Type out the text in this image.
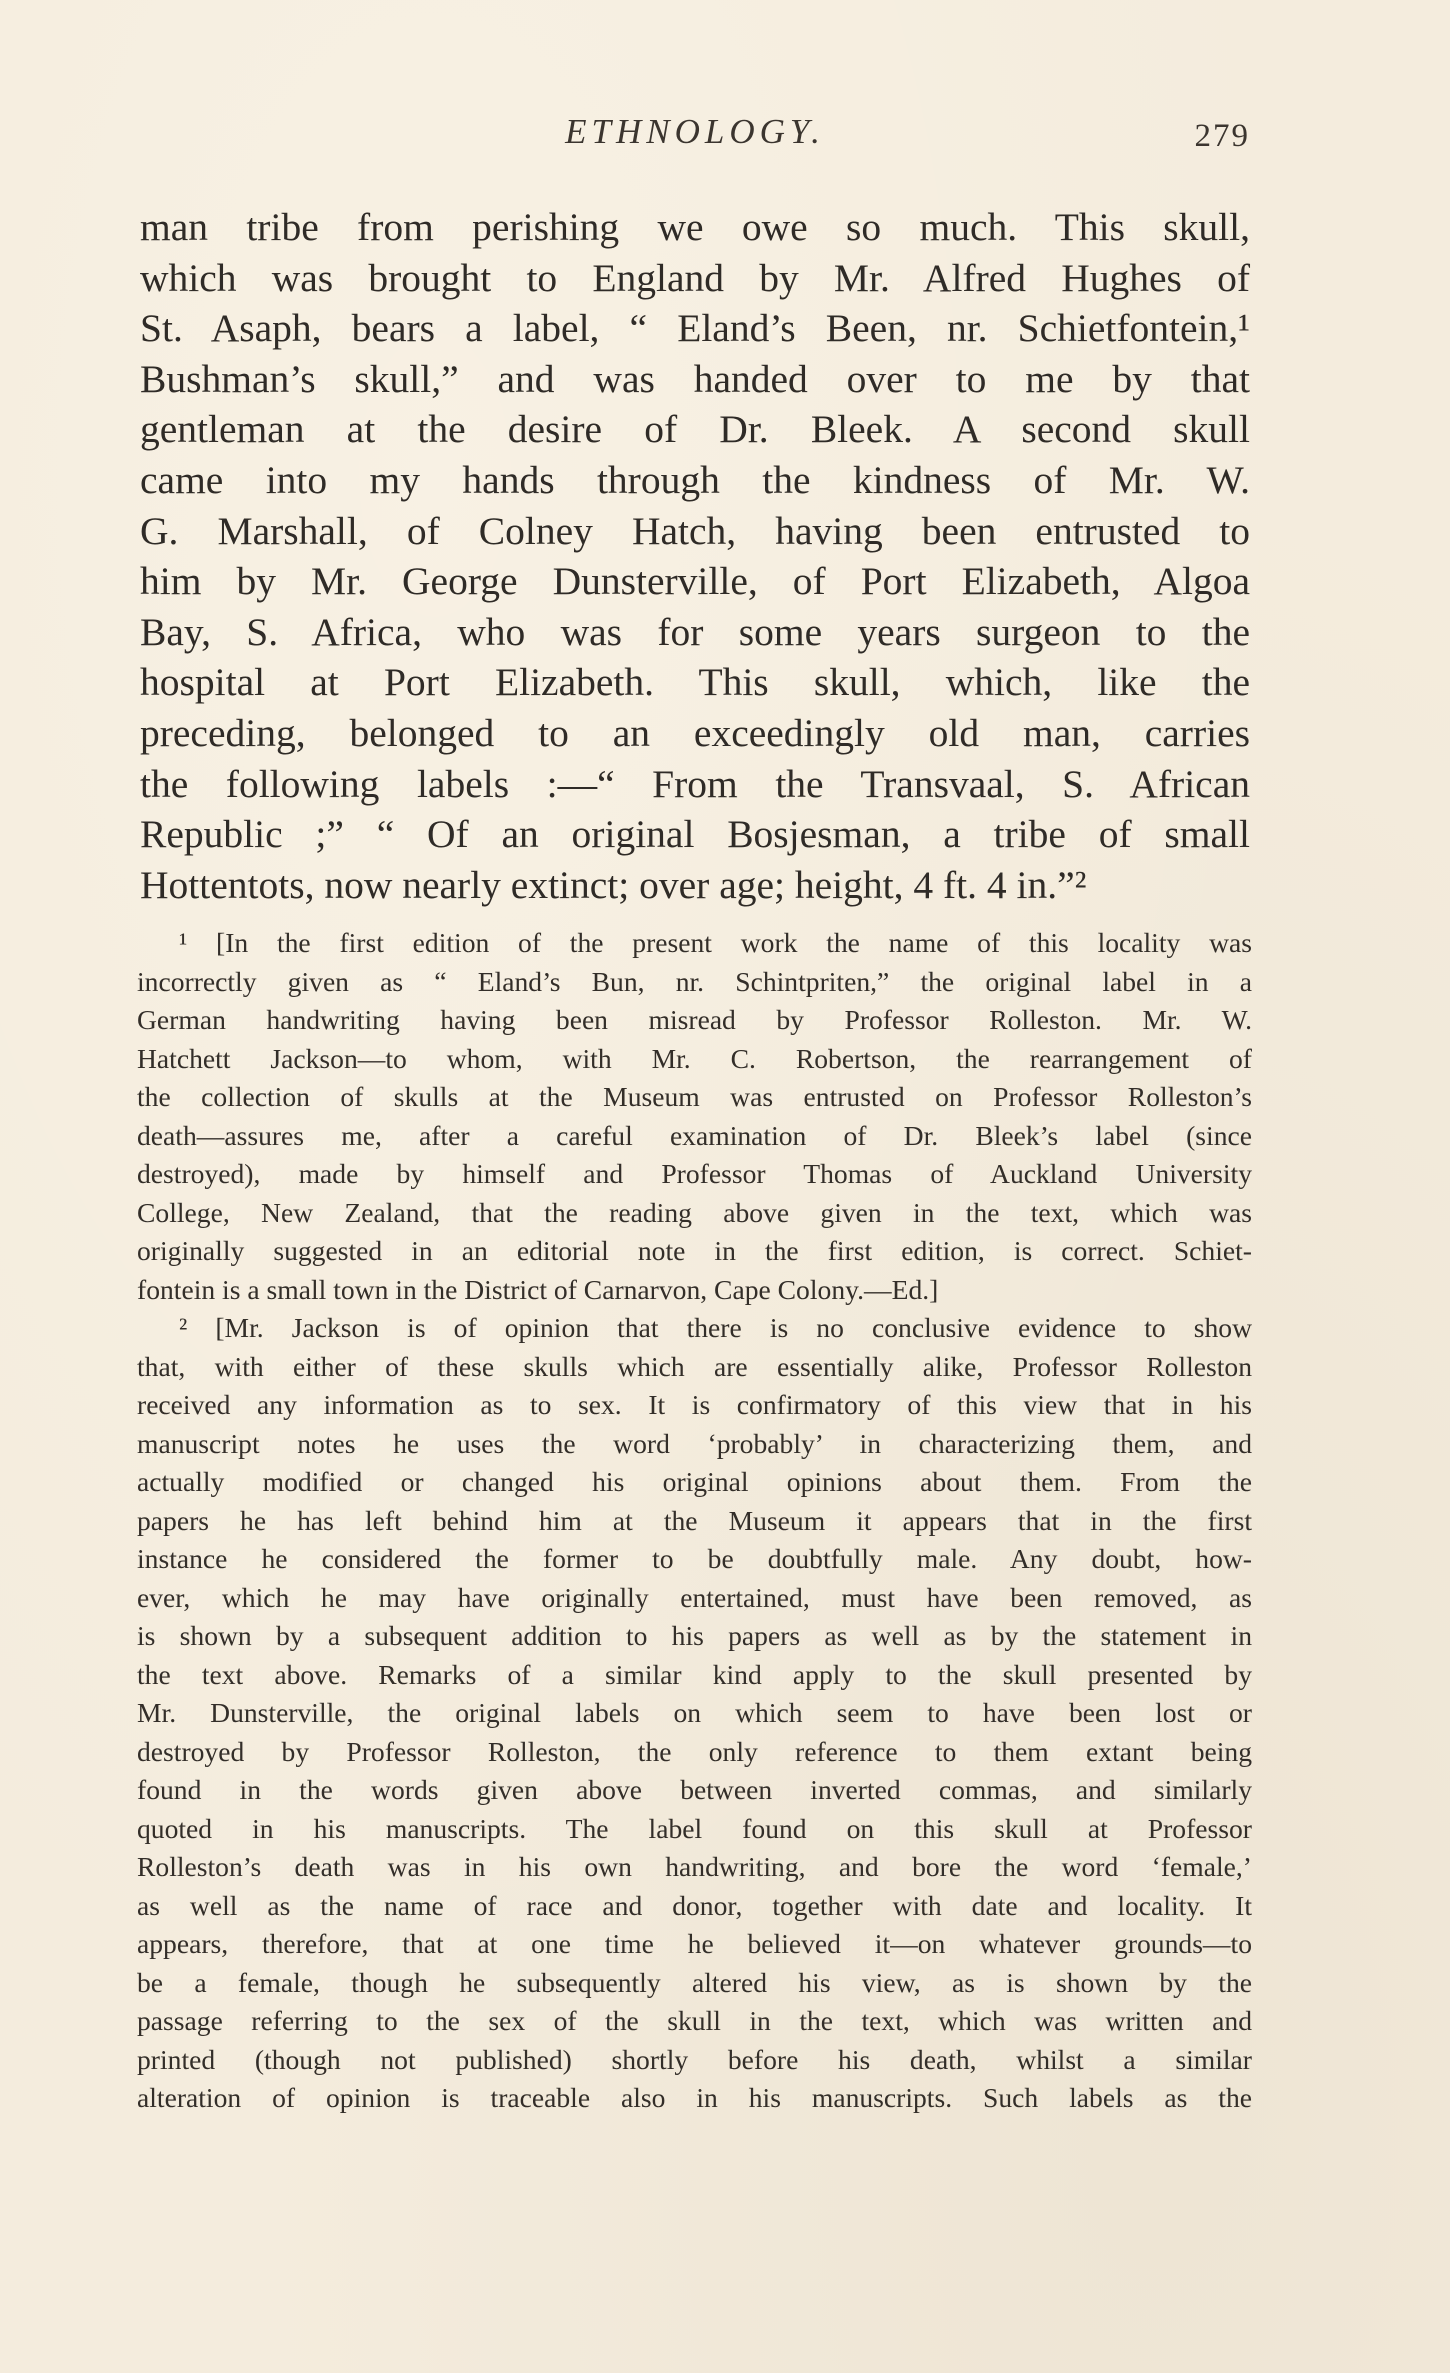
ETHNOLOGY.	279
man tribe from perishing we owe so much. This skull,
which was brought to England by Mr. Alfred Hughes of
St. Asaph, bears a label, “ Eland’s Been, nr. Schietfontein,¹
Bushman’s skull,” and was handed over to me by that
gentleman at the desire of Dr. Bleek. A second skull
came into my hands through the kindness of Mr. W.
G. Marshall, of Colney Hatch, having been entrusted to
him by Mr. George Dunsterville, of Port Elizabeth, Algoa
Bay, S. Africa, who was for some years surgeon to the
hospital at Port Elizabeth. This skull, which, like the
preceding, belonged to an exceedingly old man, carries
the following labels :—“ From the Transvaal, S. African
Republic ;” “ Of an original Bosjesman, a tribe of small
Hottentots, now nearly extinct; over age; height, 4 ft. 4 in.”²
¹ [In the first edition of the present work the name of this locality was
incorrectly given as “ Eland’s Bun, nr. Schintpriten,” the original label in a
German handwriting having been misread by Professor Rolleston. Mr. W.
Hatchett Jackson—to whom, with Mr. C. Robertson, the rearrangement of
the collection of skulls at the Museum was entrusted on Professor Rolleston’s
death—assures me, after a careful examination of Dr. Bleek’s label (since
destroyed), made by himself and Professor Thomas of Auckland University
College, New Zealand, that the reading above given in the text, which was
originally suggested in an editorial note in the first edition, is correct. Schiet-
fontein is a small town in the District of Carnarvon, Cape Colony.—Ed.]
² [Mr. Jackson is of opinion that there is no conclusive evidence to show
that, with either of these skulls which are essentially alike, Professor Rolleston
received any information as to sex. It is confirmatory of this view that in his
manuscript notes he uses the word ‘probably’ in characterizing them, and
actually modified or changed his original opinions about them. From the
papers he has left behind him at the Museum it appears that in the first
instance he considered the former to be doubtfully male. Any doubt, how-
ever, which he may have originally entertained, must have been removed, as
is shown by a subsequent addition to his papers as well as by the statement in
the text above. Remarks of a similar kind apply to the skull presented by
Mr. Dunsterville, the original labels on which seem to have been lost or
destroyed by Professor Rolleston, the only reference to them extant being
found in the words given above between inverted commas, and similarly
quoted in his manuscripts. The label found on this skull at Professor
Rolleston’s death was in his own handwriting, and bore the word ‘female,’
as well as the name of race and donor, together with date and locality. It
appears, therefore, that at one time he believed it—on whatever grounds—to
be a female, though he subsequently altered his view, as is shown by the
passage referring to the sex of the skull in the text, which was written and
printed (though not published) shortly before his death, whilst a similar
alteration of opinion is traceable also in his manuscripts. Such labels as the
